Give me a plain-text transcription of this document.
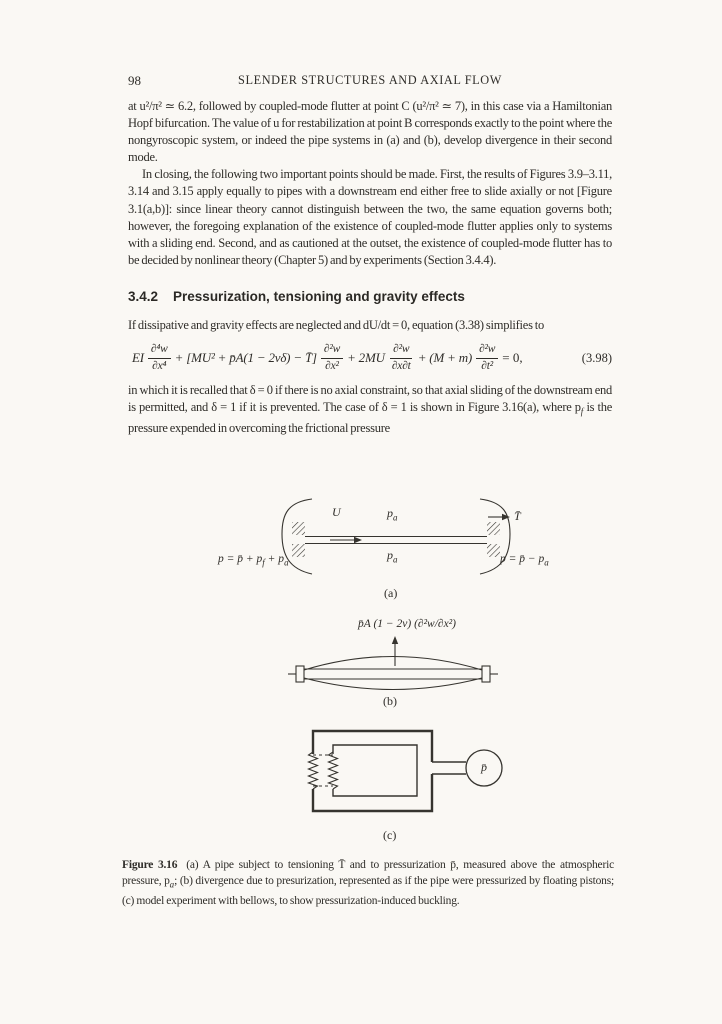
98	SLENDER STRUCTURES AND AXIAL FLOW

at u²/π² ≃ 6.2, followed by coupled-mode flutter at point C (u²/π² ≃ 7), in this case via a Hamiltonian Hopf bifurcation. The value of u for restabilization at point B corresponds exactly to the point where the nongyroscopic system, or indeed the pipe systems in (a) and (b), develop divergence in their second mode.

In closing, the following two important points should be made. First, the results of Figures 3.9–3.11, 3.14 and 3.15 apply equally to pipes with a downstream end either free to slide axially or not [Figure 3.1(a,b)]: since linear theory cannot distinguish between the two, the same equation governs both; however, the foregoing explanation of the existence of coupled-mode flutter applies only to systems with a sliding end. Second, and as cautioned at the outset, the existence of coupled-mode flutter has to be decided by nonlinear theory (Chapter 5) and by experiments (Section 3.4.4).

3.4.2 Pressurization, tensioning and gravity effects

If dissipative and gravity effects are neglected and dU/dt = 0, equation (3.38) simplifies to

EI $\frac{\text{∂⁴w}}{\text{∂x⁴}} + [MU^2$ + p̄A(1 − 2νδ) − T̄] $\frac{\text{∂²w}}{\text{∂x²}} + 2MU \frac{\text{∂²w}}{\partial x\partial t} + (M + m) \frac{\text{∂²w}}{\text{∂t²}} = 0$,	(3.98)

in which it is recalled that δ = 0 if there is no axial constraint, so that axial sliding of the downstream end is permitted, and δ = 1 if it is prevented. The case of δ = 1 is shown in Figure 3.16(a), where $p_f$ is the pressure expended in overcoming the frictional pressure

U	$p_a$
$p_a$
T̄
p = p̄ + $p_f + p_a$	p = p̄ − $p_a$
(a)
p̄A (1 − 2ν) (∂²w/∂x²)
(b)
p̄
(c)
Figure 3.16 (a) A pipe subject to tensioning T̄ and to pressurization p̄, measured above the atmospheric pressure, $p_a$; (b) divergence due to presurization, represented as if the pipe were pressurized by floating pistons; (c) model experiment with bellows, to show pressurization-induced buckling.
